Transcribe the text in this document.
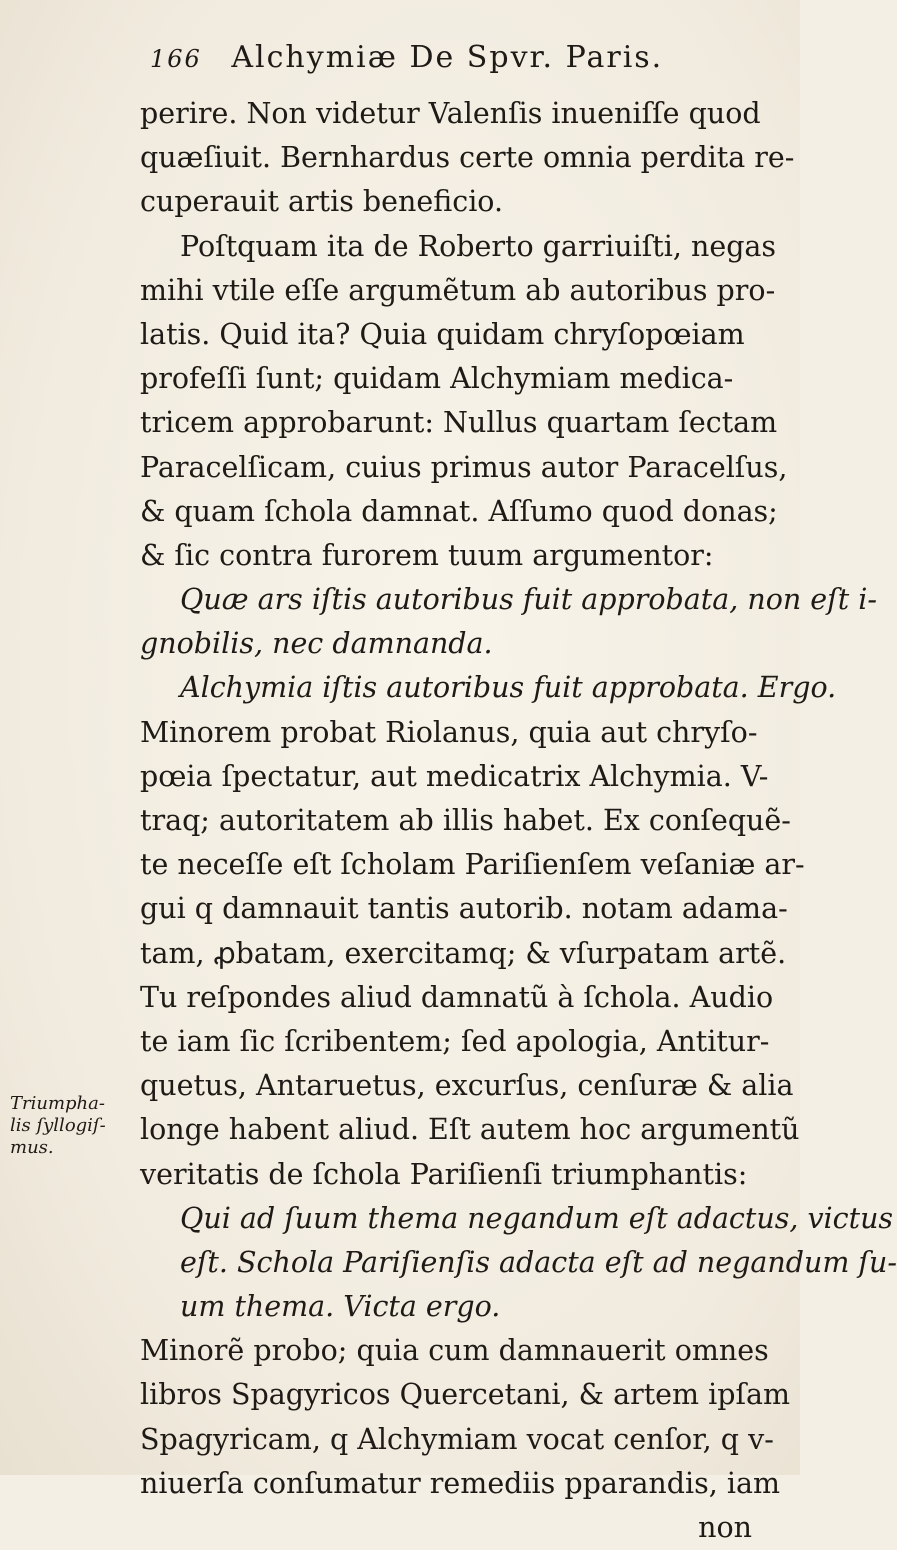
166 Alchymiæ De Spvr. Paris.
perire. Non videtur Valenſis inueniſſe quod
quæſiuit. Bernhardus certe omnia perdita re-
cuperauit artis beneficio.
Poſtquam ita de Roberto garriuiſti, negas
mihi vtile eſſe argumẽtum ab autoribus pro-
latis. Quid ita? Quia quidam chryſopœiam
profeſſi ſunt; quidam Alchymiam medica-
tricem approbarunt: Nullus quartam ſectam
Paracelſicam, cuius primus autor Paracelſus,
& quam ſchola damnat. Aſſumo quod donas;
& ſic contra furorem tuum argumentor:
Quæ ars iſtis autoribus fuit approbata, non eſt i-
gnobilis, nec damnanda.
Alchymia iſtis autoribus fuit approbata. Ergo.
Minorem probat Riolanus, quia aut chryſo-
pœia ſpectatur, aut medicatrix Alchymia. V-
traq; autoritatem ab illis habet. Ex conſequẽ-
te neceſſe eſt ſcholam Pariſienſem veſaniæ ar-
gui q damnauit tantis autorib. notam adama-
tam, ꝓbatam, exercitamq; & vſurpatam artẽ.
Tu reſpondes aliud damnatũ à ſchola. Audio
te iam ſic ſcribentem; ſed apologia, Antitur-
quetus, Antaruetus, excurſus, cenſuræ & alia
longe habent aliud. Eſt autem hoc argumentũ
veritatis de ſchola Pariſienſi triumphantis:
Qui ad ſuum thema negandum eſt adactus, victus
eſt. Schola Pariſienſis adacta eſt ad negandum ſu-
um thema. Victa ergo.
Minorẽ probo; quia cum damnauerit omnes
libros Spagyricos Quercetani, & artem ipſam
Spagyricam, q Alchymiam vocat cenſor, q v-
niuerſa conſumatur remediis pparandis, iam
non
Triumpha-
lis ſyllogiſ-
mus.
